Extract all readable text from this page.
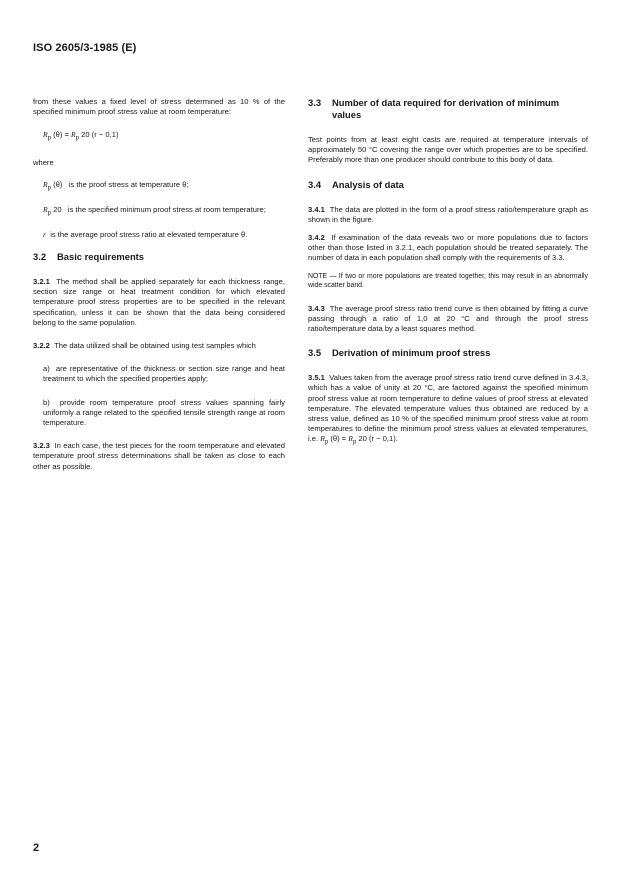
ISO 2605/3-1985 (E)

from these values a fixed level of stress determined as 10 % of the specified minimum proof stress value at room temperature:

$R_p$ $(\theta) = R_p$ 20 (r − 0,1)

where

$R_p$ (θ) is the proof stress at temperature θ;

$R_p$ 20 is the specified minimum proof stress at room temperature;

r is the average proof stress ratio at elevated temperature θ.

3.2	Basic requirements

3.2.1 The method shall be applied separately for each thickness range, section size range or heat treatment condition for which elevated temperature proof stress properties are to be specified in the relevant specification, unless it can be shown that the data being considered belong to the same population.

3.2.2 The data utilized shall be obtained using test samples which

a) are representative of the thickness or section size range and heat treatment to which the specified properties apply;

b) provide room temperature proof stress values spanning fairly uniformly a range related to the specified tensile strength range at room temperature.

3.2.3 In each case, the test pieces for the room temperature and elevated temperature proof stress determinations shall be taken as close to each other as possible.

3.3	Number of data required for derivation of minimum values

Test points from at least eight casts are required at temperature intervals of approximately 50 °C covering the range over which properties are to be specified. Preferably more than one producer should contribute to this body of data.

3.4	Analysis of data

3.4.1 The data are plotted in the form of a proof stress ratio/temperature graph as shown in the figure.

3.4.2 If examination of the data reveals two or more populations due to factors other than those listed in 3.2.1, each population should be treated separately. The number of data in each population shall comply with the requirements of 3.3.

NOTE — If two or more populations are treated together, this may result in an abnormally wide scatter band.

3.4.3 The average proof stress ratio trend curve is then obtained by fitting a curve passing through a ratio of 1,0 at 20 °C and through the proof stress ratio/temperature data by a least squares method.

3.5	Derivation of minimum proof stress

3.5.1 Values taken from the average proof stress ratio trend curve defined in 3.4.3, which has a value of unity at 20 °C, are factored against the specified minimum proof stress value at room temperature to define values of proof stress at elevated temperature. The elevated temperature values thus obtained are reduced by a stress value, defined as 10 % of the specified minimum proof stress value at room temperatures to define the minimum proof stress values at elevated temperatures, i.e. $R_p$ $(\theta) = R_p$ 20 (r − 0,1).

2
